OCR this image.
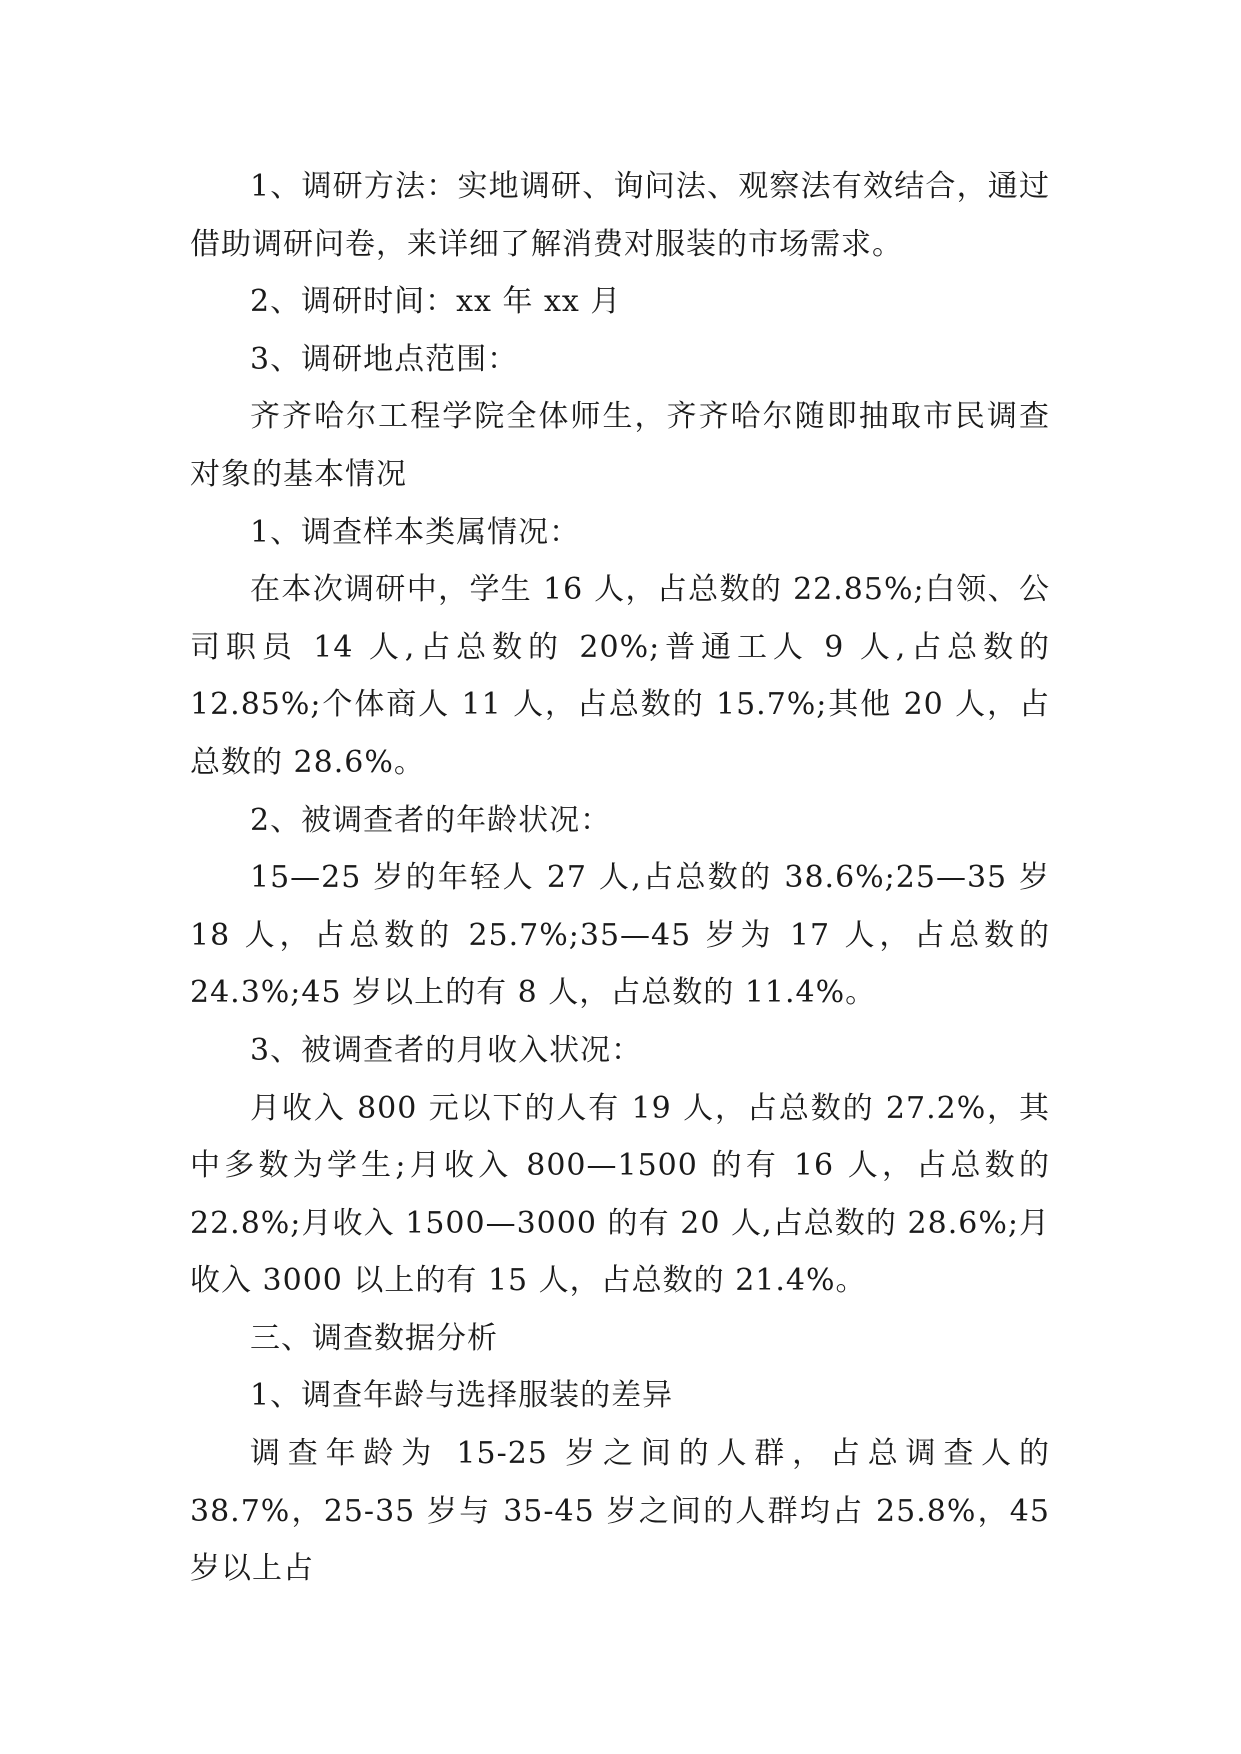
1、调研方法：实地调研、询问法、观察法有效结合，通过借助调研问卷，来详细了解消费对服装的市场需求。

2、调研时间：xx 年 xx 月

3、调研地点范围：

齐齐哈尔工程学院全体师生，齐齐哈尔随即抽取市民调查对象的基本情况

1、调查样本类属情况：

在本次调研中，学生 16 人，占总数的 22.85%;白领、公司职员 14 人,占总数的 20%;普通工人 9 人,占总数的 12.85%;个体商人 11 人，占总数的 15.7%;其他 20 人，占总数的 28.6%。

2、被调查者的年龄状况：

15—25 岁的年轻人 27 人,占总数的 38.6%;25—35 岁 18 人，占总数的 25.7%;35—45 岁为 17 人，占总数的 24.3%;45 岁以上的有 8 人，占总数的 11.4%。

3、被调查者的月收入状况：

月收入 800 元以下的人有 19 人，占总数的 27.2%，其中多数为学生;月收入 800—1500 的有 16 人，占总数的 22.8%;月收入 1500—3000 的有 20 人,占总数的 28.6%;月收入 3000 以上的有 15 人，占总数的 21.4%。

三、调查数据分析

1、调查年龄与选择服装的差异

调查年龄为 15-25 岁之间的人群，占总调查人的 38.7%，25-35 岁与 35-45 岁之间的人群均占 25.8%，45 岁以上占
